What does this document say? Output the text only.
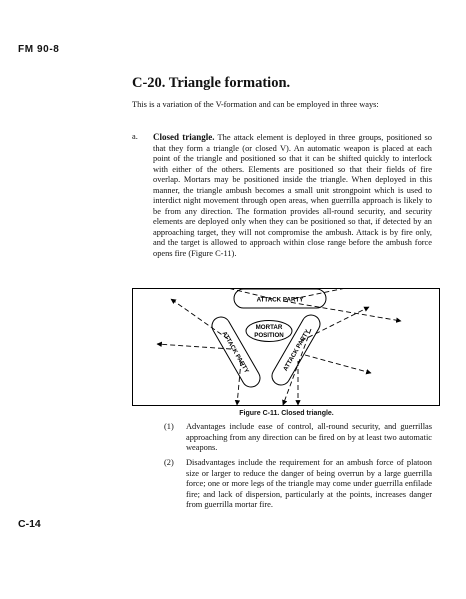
FM 90-8
C-20. Triangle formation.
This is a variation of the V-formation and can be employed in three ways:
a. Closed triangle. The attack element is deployed in three groups, positioned so that they form a triangle (or closed V). An automatic weapon is placed at each point of the triangle and positioned so that it can be shifted quickly to interlock with either of the others. Elements are positioned so that their fields of fire overlap. Mortars may be positioned inside the triangle. When deployed in this manner, the triangle ambush becomes a small unit strongpoint which is used to interdict night movement through open areas, when guerrilla approach is likely to be from any direction. The formation provides all-round security, and security elements are deployed only when they can be positioned so that, if detected by an approaching target, they will not compromise the ambush. Attack is by fire only, and the target is allowed to approach within close range before the ambush force opens fire (Figure C-11).
ATTACK PARTY
ATTACK PARTY	ATTACK PARTY
MORTAR
POSITION
Figure C-11. Closed triangle.
(1) Advantages include ease of control, all-round security, and guerrillas approaching from any direction can be fired on by at least two automatic weapons.
(2) Disadvantages include the requirement for an ambush force of platoon size or larger to reduce the danger of being overrun by a large guerrilla force; one or more legs of the triangle may come under guerrilla enfilade fire; and lack of dispersion, particularly at the points, increases danger from guerrilla mortar fire.
C-14
